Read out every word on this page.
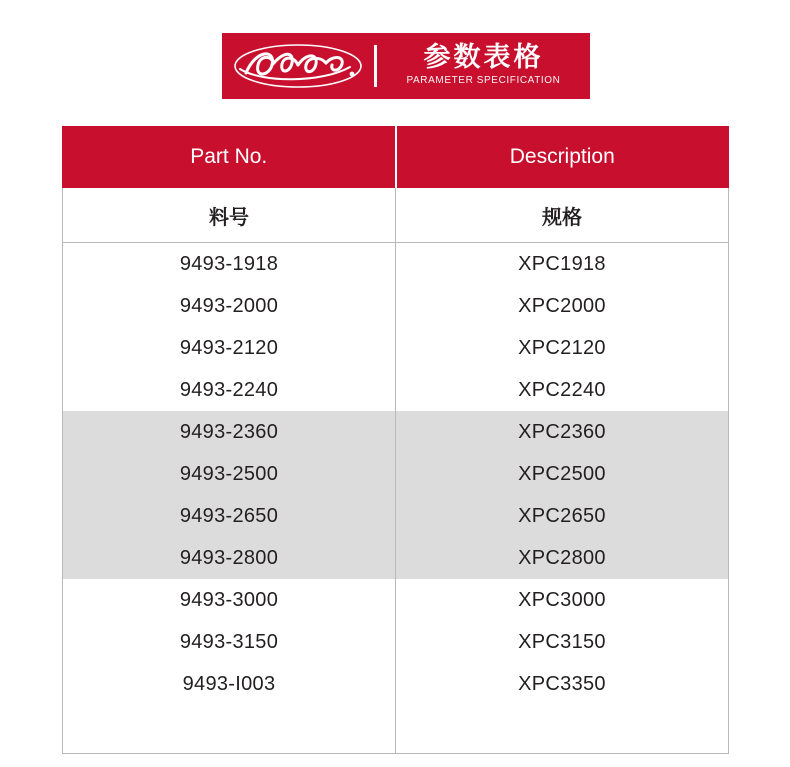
参数表格
PARAMETER SPECIFICATION
Part No.	Description
料号	规格
9493-1918	XPC1918
9493-2000	XPC2000
9493-2120	XPC2120
9493-2240	XPC2240
9493-2360	XPC2360
9493-2500	XPC2500
9493-2650	XPC2650
9493-2800	XPC2800
9493-3000	XPC3000
9493-3150	XPC3150
9493-I003	XPC3350
